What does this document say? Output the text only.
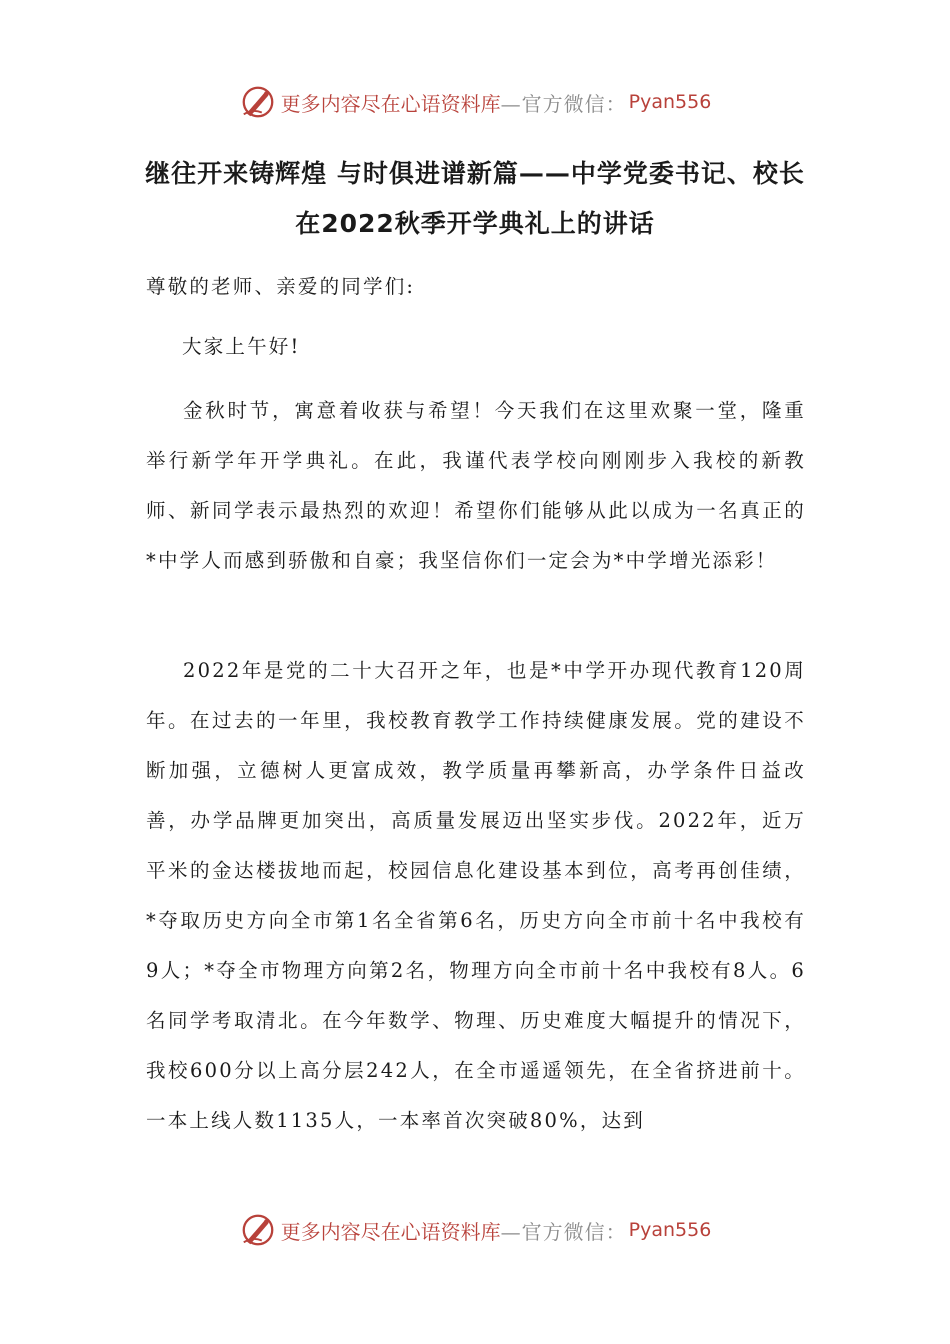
更多内容尽在心语资料库 —官方微信： Pyan556
继往开来铸辉煌 与时俱进谱新篇——中学党委书记、校长
在2022秋季开学典礼上的讲话

尊敬的老师、亲爱的同学们:

大家上午好!

金秋时节，寓意着收获与希望！今天我们在这里欢聚一堂，隆重举行新学年开学典礼。在此，我谨代表学校向刚刚步入我校的新教师、新同学表示最热烈的欢迎！希望你们能够从此以成为一名真正的*中学人而感到骄傲和自豪；我坚信你们一定会为*中学增光添彩！

2022年是党的二十大召开之年，也是*中学开办现代教育120周年。在过去的一年里，我校教育教学工作持续健康发展。党的建设不断加强，立德树人更富成效，教学质量再攀新高，办学条件日益改善，办学品牌更加突出，高质量发展迈出坚实步伐。2022年，近万平米的金达楼拔地而起，校园信息化建设基本到位，高考再创佳绩，*夺取历史方向全市第1名全省第6名，历史方向全市前十名中我校有9人；*夺全市物理方向第2名，物理方向全市前十名中我校有8人。6名同学考取清北。在今年数学、物理、历史难度大幅提升的情况下，我校600分以上高分层242人，在全市遥遥领先，在全省挤进前十。一本上线人数1135人，一本率首次突破80%，达到

更多内容尽在心语资料库 —官方微信： Pyan556
